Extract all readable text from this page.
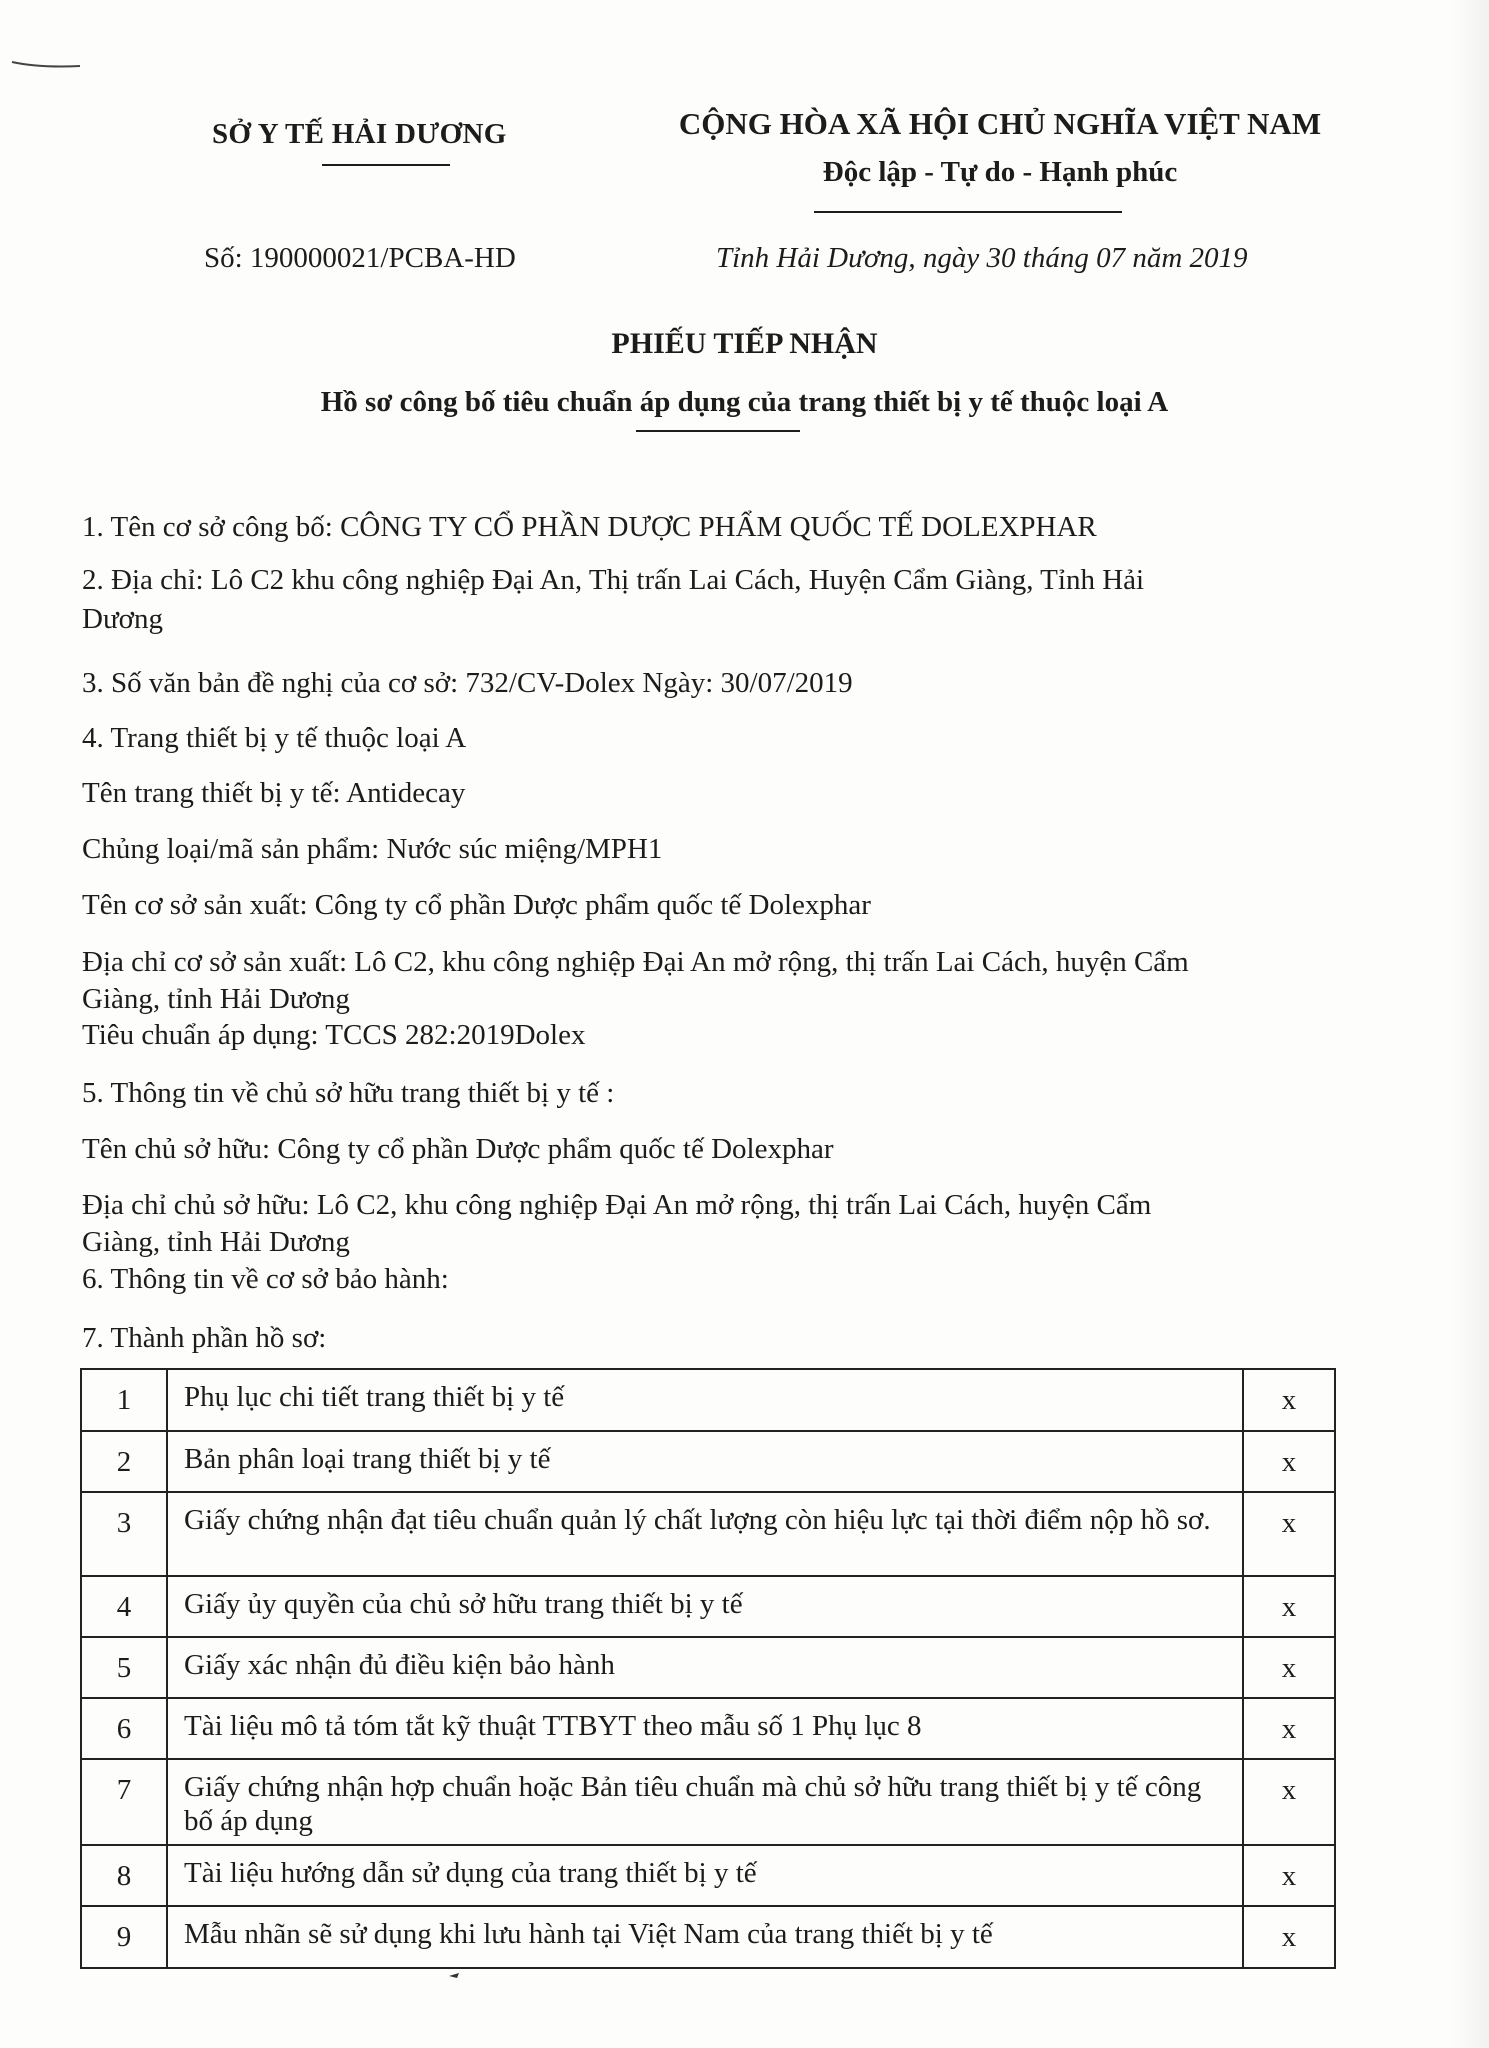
SỞ Y TẾ HẢI DƯƠNG	CỘNG HÒA XÃ HỘI CHỦ NGHĨA VIỆT NAM
Độc lập - Tự do - Hạnh phúc
Số: 190000021/PCBA-HD	Tỉnh Hải Dương, ngày 30 tháng 07 năm 2019
PHIẾU TIẾP NHẬN
Hồ sơ công bố tiêu chuẩn áp dụng của trang thiết bị y tế thuộc loại A
1. Tên cơ sở công bố: CÔNG TY CỔ PHẦN DƯỢC PHẨM QUỐC TẾ DOLEXPHAR
2. Địa chỉ: Lô C2 khu công nghiệp Đại An, Thị trấn Lai Cách, Huyện Cẩm Giàng, Tỉnh Hải
Dương
3. Số văn bản đề nghị của cơ sở: 732/CV-Dolex Ngày: 30/07/2019
4. Trang thiết bị y tế thuộc loại A
Tên trang thiết bị y tế: Antidecay
Chủng loại/mã sản phẩm: Nước súc miệng/MPH1
Tên cơ sở sản xuất: Công ty cổ phần Dược phẩm quốc tế Dolexphar
Địa chỉ cơ sở sản xuất: Lô C2, khu công nghiệp Đại An mở rộng, thị trấn Lai Cách, huyện Cẩm
Giàng, tỉnh Hải Dương
Tiêu chuẩn áp dụng: TCCS 282:2019Dolex
5. Thông tin về chủ sở hữu trang thiết bị y tế :
Tên chủ sở hữu: Công ty cổ phần Dược phẩm quốc tế Dolexphar
Địa chỉ chủ sở hữu: Lô C2, khu công nghiệp Đại An mở rộng, thị trấn Lai Cách, huyện Cẩm
Giàng, tỉnh Hải Dương
6. Thông tin về cơ sở bảo hành:
7. Thành phần hồ sơ:
1	Phụ lục chi tiết trang thiết bị y tế	x
2	Bản phân loại trang thiết bị y tế	x
3	Giấy chứng nhận đạt tiêu chuẩn quản lý chất lượng còn hiệu lực tại thời điểm nộp hồ sơ.	x
4	Giấy ủy quyền của chủ sở hữu trang thiết bị y tế	x
5	Giấy xác nhận đủ điều kiện bảo hành	x
6	Tài liệu mô tả tóm tắt kỹ thuật TTBYT theo mẫu số 1 Phụ lục 8	x
7	Giấy chứng nhận hợp chuẩn hoặc Bản tiêu chuẩn mà chủ sở hữu trang thiết bị y tế công bố áp dụng	x
8	Tài liệu hướng dẫn sử dụng của trang thiết bị y tế	x
9	Mẫu nhãn sẽ sử dụng khi lưu hành tại Việt Nam của trang thiết bị y tế	x
